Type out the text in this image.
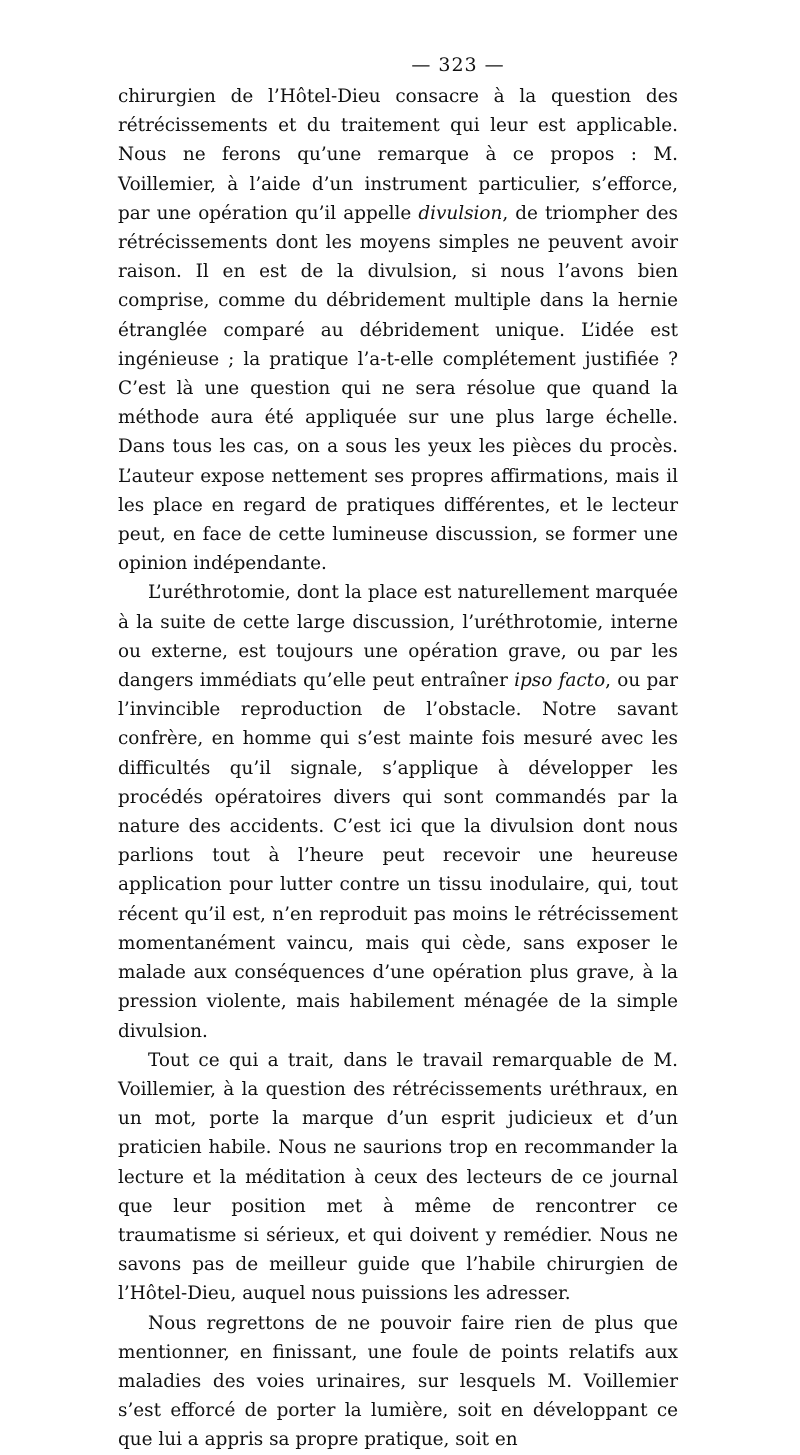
— 323 —

chirurgien de l’Hôtel-Dieu consacre à la question des rétrécissements et du traitement qui leur est applicable. Nous ne ferons qu’une remarque à ce propos : M. Voillemier, à l’aide d’un instrument particulier, s’efforce, par une opération qu’il appelle divulsion, de triompher des rétrécissements dont les moyens simples ne peuvent avoir raison. Il en est de la divulsion, si nous l’avons bien comprise, comme du débridement multiple dans la hernie étranglée comparé au débridement unique. L’idée est ingénieuse ; la pratique l’a-t-elle complétement justifiée ? C’est là une question qui ne sera résolue que quand la méthode aura été appliquée sur une plus large échelle. Dans tous les cas, on a sous les yeux les pièces du procès. L’auteur expose nettement ses propres affirmations, mais il les place en regard de pratiques différentes, et le lecteur peut, en face de cette lumineuse discussion, se former une opinion indépendante.

L’uréthrotomie, dont la place est naturellement marquée à la suite de cette large discussion, l’uréthrotomie, interne ou externe, est toujours une opération grave, ou par les dangers immédiats qu’elle peut entraîner ipso facto, ou par l’invincible reproduction de l’obstacle. Notre savant confrère, en homme qui s’est mainte fois mesuré avec les difficultés qu’il signale, s’applique à développer les procédés opératoires divers qui sont commandés par la nature des accidents. C’est ici que la divulsion dont nous parlions tout à l’heure peut recevoir une heureuse application pour lutter contre un tissu inodulaire, qui, tout récent qu’il est, n’en reproduit pas moins le rétrécissement momentanément vaincu, mais qui cède, sans exposer le malade aux conséquences d’une opération plus grave, à la pression violente, mais habilement ménagée de la simple divulsion.

Tout ce qui a trait, dans le travail remarquable de M. Voillemier, à la question des rétrécissements uréthraux, en un mot, porte la marque d’un esprit judicieux et d’un praticien habile. Nous ne saurions trop en recommander la lecture et la méditation à ceux des lecteurs de ce journal que leur position met à même de rencontrer ce traumatisme si sérieux, et qui doivent y remédier. Nous ne savons pas de meilleur guide que l’habile chirurgien de l’Hôtel-Dieu, auquel nous puissions les adresser.

Nous regrettons de ne pouvoir faire rien de plus que mentionner, en finissant, une foule de points relatifs aux maladies des voies urinaires, sur lesquels M. Voillemier s’est efforcé de porter la lumière, soit en développant ce que lui a appris sa propre pratique, soit en
